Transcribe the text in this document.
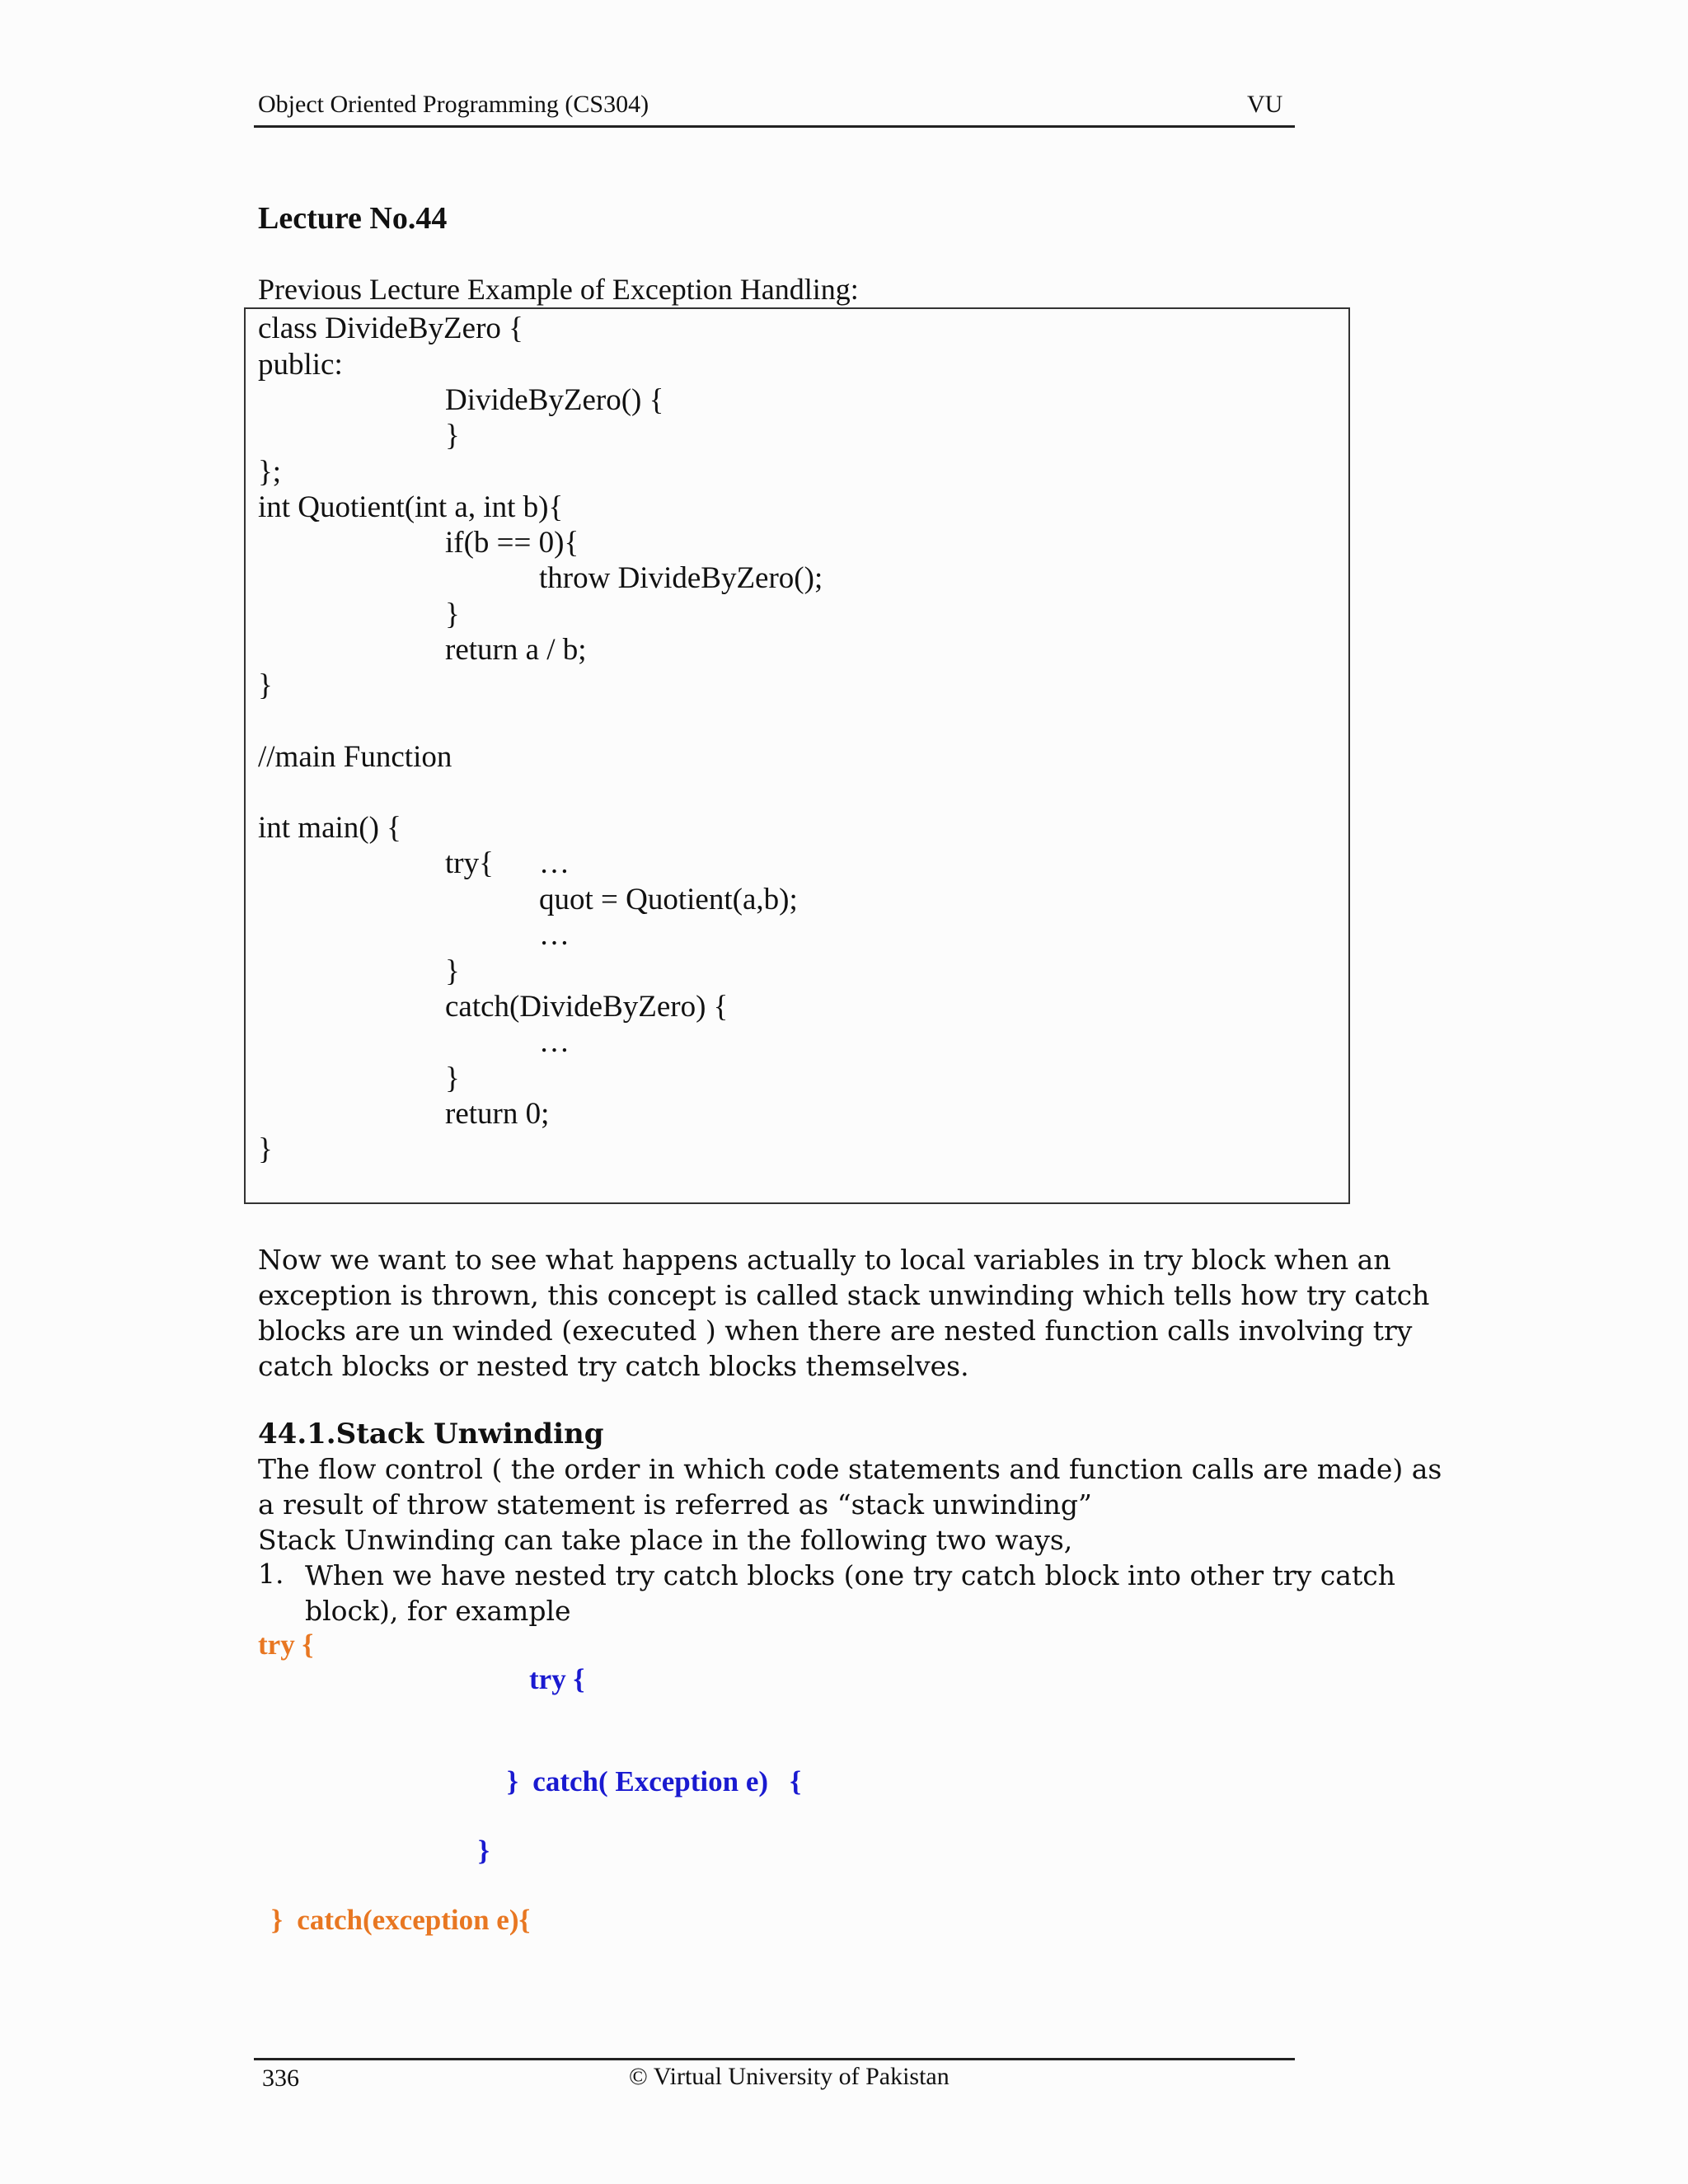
Object Oriented Programming (CS304)	VU
Lecture No.44
Previous Lecture Example of Exception Handling:
class DivideByZero {
public:
DivideByZero() {
}
};
int Quotient(int a, int b){
if(b == 0){
throw DivideByZero();
}
return a / b;
}
//main Function
int main() {
try{ …
quot = Quotient(a,b);
…
}
catch(DivideByZero) {
…
}
return 0;
}
Now we want to see what happens actually to local variables in try block when an
exception is thrown, this concept is called stack unwinding which tells how try catch
blocks are un winded (executed ) when there are nested function calls involving try
catch blocks or nested try catch blocks themselves.
44.1.Stack Unwinding
The flow control ( the order in which code statements and function calls are made) as
a result of throw statement is referred as “stack unwinding”
Stack Unwinding can take place in the following two ways,
1. When we have nested try catch blocks (one try catch block into other try catch
block), for example
try {
try {
}  catch( Exception e)   {
}
}  catch(exception e){
336	© Virtual University of Pakistan
